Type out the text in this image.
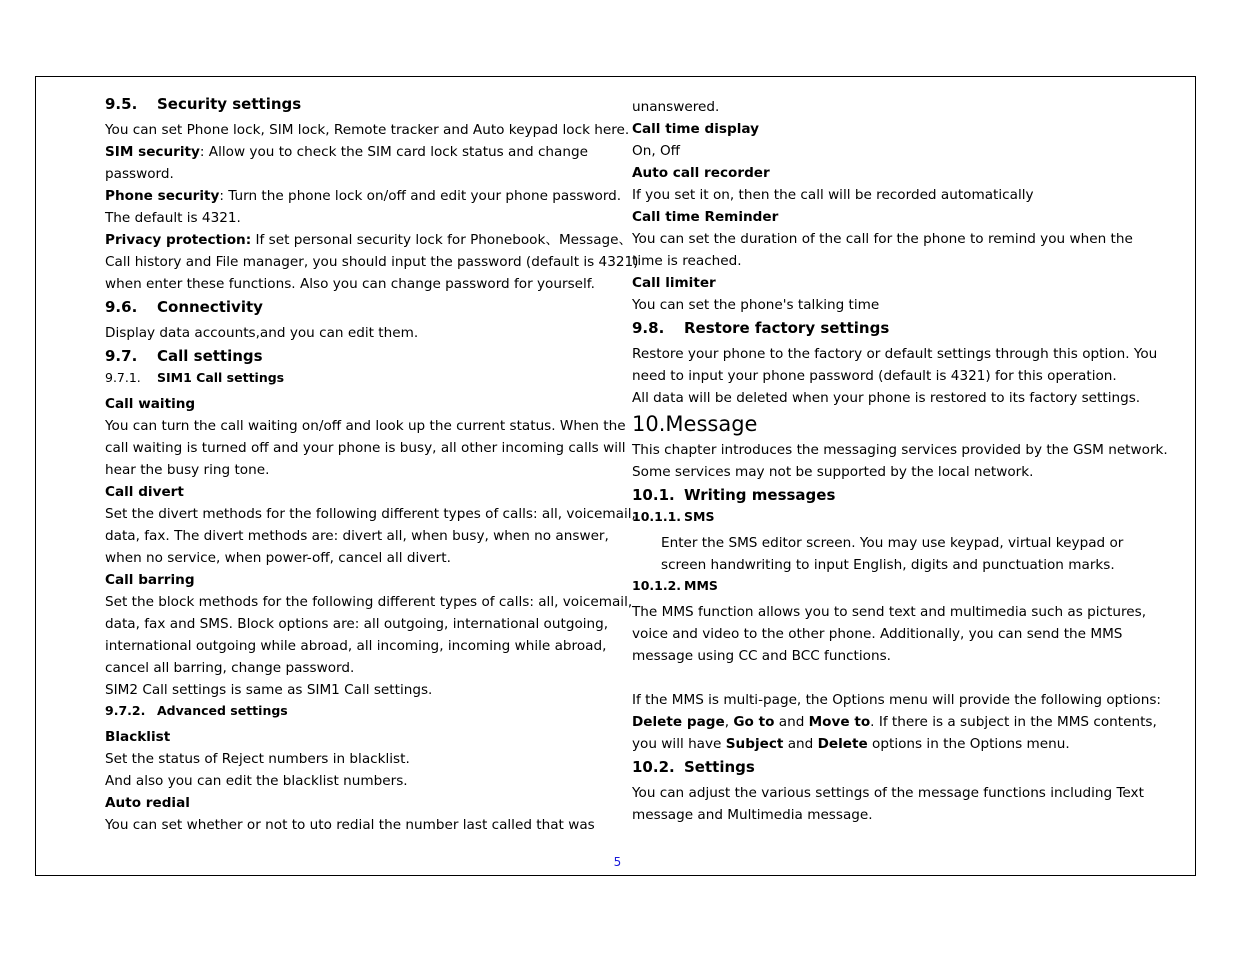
9.5. Security settings

You can set Phone lock, SIM lock, Remote tracker and Auto keypad lock here.

SIM security: Allow you to check the SIM card lock status and change

password.

Phone security: Turn the phone lock on/off and edit your phone password.

The default is 4321.

Privacy protection: If set personal security lock for Phonebook、Message、

Call history and File manager, you should input the password (default is 4321)

when enter these functions. Also you can change password for yourself.

9.6. Connectivity

Display data accounts,and you can edit them.

9.7. Call settings

9.7.1. SIM1 Call settings

Call waiting

You can turn the call waiting on/off and look up the current status. When the

call waiting is turned off and your phone is busy, all other incoming calls will

hear the busy ring tone.

Call divert

Set the divert methods for the following different types of calls: all, voicemail,

data, fax. The divert methods are: divert all, when busy, when no answer,

when no service, when power-off, cancel all divert.

Call barring

Set the block methods for the following different types of calls: all, voicemail,

data, fax and SMS. Block options are: all outgoing, international outgoing,

international outgoing while abroad, all incoming, incoming while abroad,

cancel all barring, change password.

SIM2 Call settings is same as SIM1 Call settings.

9.7.2. Advanced settings

Blacklist

Set the status of Reject numbers in blacklist.

And also you can edit the blacklist numbers.

Auto redial

You can set whether or not to uto redial the number last called that was

unanswered.

Call time display

On, Off

Auto call recorder

If you set it on, then the call will be recorded automatically

Call time Reminder

You can set the duration of the call for the phone to remind you when the

time is reached.

Call limiter

You can set the phone's talking time

9.8. Restore factory settings

Restore your phone to the factory or default settings through this option. You

need to input your phone password (default is 4321) for this operation.

All data will be deleted when your phone is restored to its factory settings.

10.Message

This chapter introduces the messaging services provided by the GSM network.

Some services may not be supported by the local network.

10.1. Writing messages

10.1.1. SMS

Enter the SMS editor screen. You may use keypad, virtual keypad or

screen handwriting to input English, digits and punctuation marks.

10.1.2. MMS

The MMS function allows you to send text and multimedia such as pictures,

voice and video to the other phone. Additionally, you can send the MMS

message using CC and BCC functions.

If the MMS is multi-page, the Options menu will provide the following options:

Delete page, Go to and Move to. If there is a subject in the MMS contents,

you will have Subject and Delete options in the Options menu.

10.2. Settings

You can adjust the various settings of the message functions including Text

message and Multimedia message.

5
